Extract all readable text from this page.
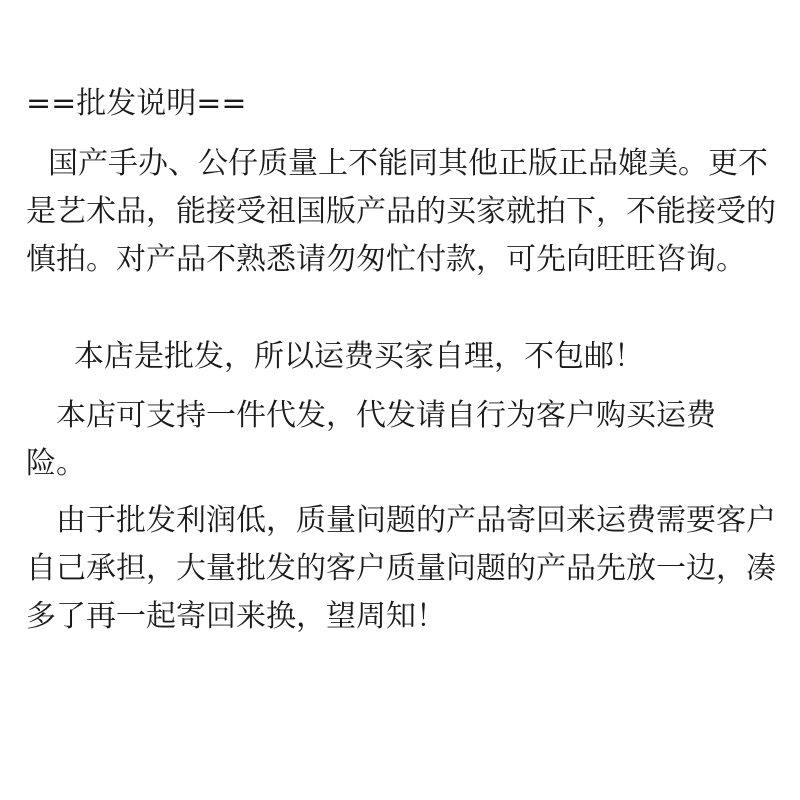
==批发说明==
国产手办、公仔质量上不能同其他正版正品媲美。更不是艺术品，能接受祖国版产品的买家就拍下，不能接受的慎拍。对产品不熟悉请勿匆忙付款，可先向旺旺咨询。
本店是批发，所以运费买家自理，不包邮！
本店可支持一件代发，代发请自行为客户购买运费险。
由于批发利润低，质量问题的产品寄回来运费需要客户自己承担，大量批发的客户质量问题的产品先放一边，凑多了再一起寄回来换，望周知！
